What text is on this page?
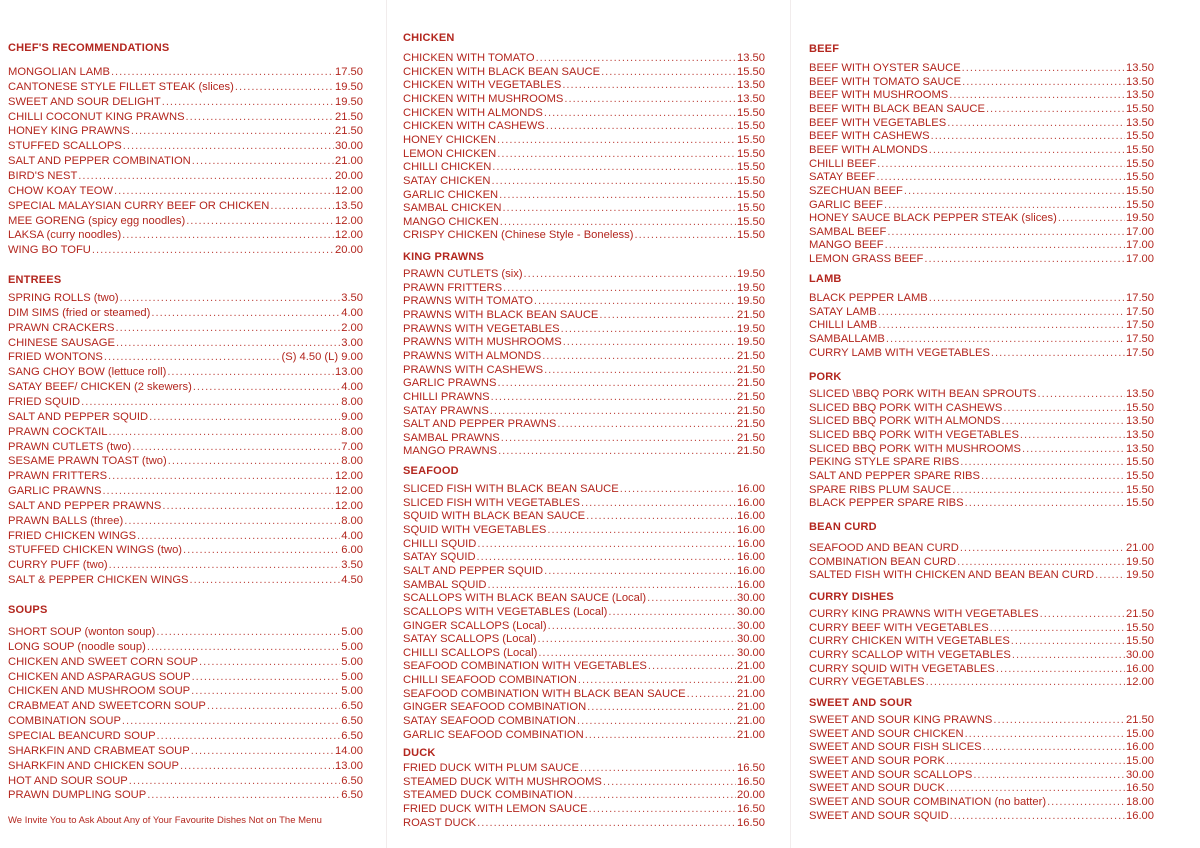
CHEF'S RECOMMENDATIONS
MONGOLIAN LAMB .....	17.50
CANTONESE STYLE FILLET STEAK (slices) .....	19.50
SWEET AND SOUR DELIGHT .....	19.50
CHILLI COCONUT KING PRAWNS .....	21.50
HONEY KING PRAWNS .....	21.50
STUFFED SCALLOPS .....	30.00
SALT AND PEPPER COMBINATION .....	21.00
BIRD'S NEST .....	20.00
CHOW KOAY TEOW .....	12.00
SPECIAL MALAYSIAN CURRY BEEF OR CHICKEN .....	13.50
MEE GORENG (spicy egg noodles) .....	12.00
LAKSA (curry noodles) .....	12.00
WING BO TOFU .....	20.00
ENTREES
SPRING ROLLS (two) .....	3.50
DIM SIMS (fried or steamed) .....	4.00
PRAWN CRACKERS .....	2.00
CHINESE SAUSAGE .....	3.00
FRIED WONTONS .....	(S) 4.50 (L) 9.00
SANG CHOY BOW (lettuce roll) .....	13.00
SATAY BEEF/ CHICKEN (2 skewers) .....	4.00
FRIED SQUID .....	8.00
SALT AND PEPPER SQUID .....	9.00
PRAWN COCKTAIL .....	8.00
PRAWN CUTLETS (two) .....	7.00
SESAME PRAWN TOAST (two) .....	8.00
PRAWN FRITTERS .....	12.00
GARLIC PRAWNS .....	12.00
SALT AND PEPPER PRAWNS .....	12.00
PRAWN BALLS (three) .....	8.00
FRIED CHICKEN WINGS .....	4.00
STUFFED CHICKEN WINGS (two) .....	6.00
CURRY PUFF (two) .....	3.50
SALT & PEPPER CHICKEN WINGS .....	4.50
SOUPS
SHORT SOUP (wonton soup) .....	5.00
LONG SOUP (noodle soup) .....	5.00
CHICKEN AND SWEET CORN SOUP .....	5.00
CHICKEN AND ASPARAGUS SOUP .....	5.00
CHICKEN AND MUSHROOM SOUP .....	5.00
CRABMEAT AND SWEETCORN SOUP .....	6.50
COMBINATION SOUP .....	6.50
SPECIAL BEANCURD SOUP .....	6.50
SHARKFIN AND CRABMEAT SOUP .....	14.00
SHARKFIN AND CHICKEN SOUP .....	13.00
HOT AND SOUR SOUP .....	6.50
PRAWN DUMPLING SOUP .....	6.50
We Invite You to Ask About Any of Your Favourite Dishes Not on The Menu
CHICKEN
CHICKEN WITH TOMATO .....	13.50
CHICKEN WITH BLACK BEAN SAUCE .....	15.50
CHICKEN WITH VEGETABLES .....	13.50
CHICKEN WITH MUSHROOMS .....	13.50
CHICKEN WITH ALMONDS .....	15.50
CHICKEN WITH CASHEWS .....	15.50
HONEY CHICKEN .....	15.50
LEMON CHICKEN .....	15.50
CHILLI CHICKEN .....	15.50
SATAY CHICKEN .....	15.50
GARLIC CHICKEN .....	15.50
SAMBAL CHICKEN .....	15.50
MANGO CHICKEN .....	15.50
CRISPY CHICKEN (Chinese Style - Boneless) .....	15.50
KING PRAWNS
PRAWN CUTLETS (six) .....	19.50
PRAWN FRITTERS .....	19.50
PRAWNS WITH TOMATO .....	19.50
PRAWNS WITH BLACK BEAN SAUCE .....	21.50
PRAWNS WITH VEGETABLES .....	19.50
PRAWNS WITH MUSHROOMS .....	19.50
PRAWNS WITH ALMONDS .....	21.50
PRAWNS WITH CASHEWS .....	21.50
GARLIC PRAWNS .....	21.50
CHILLI PRAWNS .....	21.50
SATAY PRAWNS .....	21.50
SALT AND PEPPER PRAWNS .....	21.50
SAMBAL PRAWNS .....	21.50
MANGO PRAWNS .....	21.50
SEAFOOD
SLICED FISH WITH BLACK BEAN SAUCE .....	16.00
SLICED FISH WITH VEGETABLES .....	16.00
SQUID WITH BLACK BEAN SAUCE .....	16.00
SQUID WITH VEGETABLES .....	16.00
CHILLI SQUID .....	16.00
SATAY SQUID .....	16.00
SALT AND PEPPER SQUID .....	16.00
SAMBAL SQUID .....	16.00
SCALLOPS WITH BLACK BEAN SAUCE (Local) .....	30.00
SCALLOPS WITH VEGETABLES (Local) .....	30.00
GINGER SCALLOPS (Local) .....	30.00
SATAY SCALLOPS (Local) .....	30.00
CHILLI SCALLOPS (Local) .....	30.00
SEAFOOD COMBINATION WITH VEGETABLES .....	21.00
CHILLI SEAFOOD COMBINATION .....	21.00
SEAFOOD COMBINATION WITH BLACK BEAN SAUCE .....	21.00
GINGER SEAFOOD COMBINATION .....	21.00
SATAY SEAFOOD COMBINATION .....	21.00
GARLIC SEAFOOD COMBINATION .....	21.00
DUCK
FRIED DUCK WITH PLUM SAUCE .....	16.50
STEAMED DUCK WITH MUSHROOMS .....	16.50
STEAMED DUCK COMBINATION .....	20.00
FRIED DUCK WITH LEMON SAUCE .....	16.50
ROAST DUCK .....	16.50
BEEF
BEEF WITH OYSTER SAUCE .....	13.50
BEEF WITH TOMATO SAUCE .....	13.50
BEEF WITH MUSHROOMS .....	13.50
BEEF WITH BLACK BEAN SAUCE .....	15.50
BEEF WITH VEGETABLES .....	13.50
BEEF WITH CASHEWS .....	15.50
BEEF WITH ALMONDS .....	15.50
CHILLI BEEF .....	15.50
SATAY BEEF .....	15.50
SZECHUAN BEEF .....	15.50
GARLIC BEEF .....	15.50
HONEY SAUCE BLACK PEPPER STEAK (slices) .....	19.50
SAMBAL BEEF .....	17.00
MANGO BEEF .....	17.00
LEMON GRASS BEEF .....	17.00
LAMB
BLACK PEPPER LAMB .....	17.50
SATAY LAMB .....	17.50
CHILLI LAMB .....	17.50
SAMBALLAMB .....	17.50
CURRY LAMB WITH VEGETABLES .....	17.50
PORK
SLICED \BBQ PORK WITH BEAN SPROUTS .....	13.50
SLICED BBQ PORK WITH CASHEWS .....	15.50
SLICED BBQ PORK WITH ALMONDS .....	13.50
SLICED BBQ PORK WITH VEGETABLES .....	13.50
SLICED BBQ PORK WITH MUSHROOMS .....	13.50
PEKING STYLE SPARE RIBS .....	15.50
SALT AND PEPPER SPARE RIBS .....	15.50
SPARE RIBS PLUM SAUCE .....	15.50
BLACK PEPPER SPARE RIBS .....	15.50
BEAN CURD
SEAFOOD AND BEAN CURD .....	21.00
COMBINATION BEAN CURD .....	19.50
SALTED FISH WITH CHICKEN AND BEAN BEAN CURD .....	19.50
CURRY DISHES
CURRY KING PRAWNS WITH VEGETABLES .....	21.50
CURRY BEEF WITH VEGETABLES .....	15.50
CURRY CHICKEN WITH VEGETABLES .....	15.50
CURRY SCALLOP WITH VEGETABLES .....	30.00
CURRY SQUID WITH VEGETABLES .....	16.00
CURRY VEGETABLES .....	12.00
SWEET AND SOUR
SWEET AND SOUR KING PRAWNS .....	21.50
SWEET AND SOUR CHICKEN .....	15.00
SWEET AND SOUR FISH SLICES .....	16.00
SWEET AND SOUR PORK .....	15.00
SWEET AND SOUR SCALLOPS .....	30.00
SWEET AND SOUR DUCK .....	16.50
SWEET AND SOUR COMBINATION (no batter) .....	18.00
SWEET AND SOUR SQUID .....	16.00
